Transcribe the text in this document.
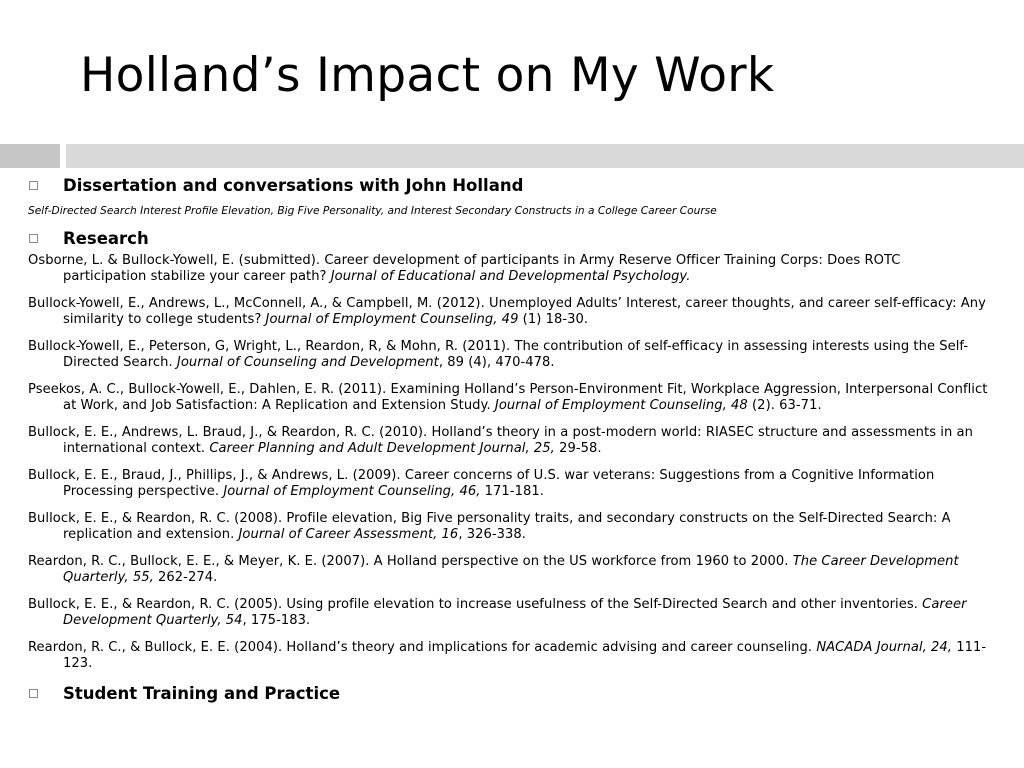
Holland’s Impact on My Work
Dissertation and conversations with John Holland
Self-Directed Search Interest Profile Elevation, Big Five Personality, and Interest Secondary Constructs in a College Career Course
Research
Osborne, L. & Bullock-Yowell, E. (submitted). Career development of participants in Army Reserve Officer Training Corps: Does ROTC participation stabilize your career path? Journal of Educational and Developmental Psychology.
Bullock-Yowell, E., Andrews, L., McConnell, A., & Campbell, M. (2012). Unemployed Adults’ Interest, career thoughts, and career self-efficacy: Any similarity to college students? Journal of Employment Counseling, 49 (1) 18-30.
Bullock-Yowell, E., Peterson, G, Wright, L., Reardon, R, & Mohn, R. (2011). The contribution of self-efficacy in assessing interests using the Self-Directed Search. Journal of Counseling and Development, 89 (4), 470-478.
Pseekos, A. C., Bullock-Yowell, E., Dahlen, E. R. (2011). Examining Holland’s Person-Environment Fit, Workplace Aggression, Interpersonal Conflict at Work, and Job Satisfaction: A Replication and Extension Study. Journal of Employment Counseling, 48 (2). 63-71.
Bullock, E. E., Andrews, L. Braud, J., & Reardon, R. C. (2010). Holland’s theory in a post-modern world: RIASEC structure and assessments in an international context. Career Planning and Adult Development Journal, 25, 29-58.
Bullock, E. E., Braud, J., Phillips, J., & Andrews, L. (2009). Career concerns of U.S. war veterans: Suggestions from a Cognitive Information Processing perspective. Journal of Employment Counseling, 46, 171-181.
Bullock, E. E., & Reardon, R. C. (2008). Profile elevation, Big Five personality traits, and secondary constructs on the Self-Directed Search: A replication and extension. Journal of Career Assessment, 16, 326-338.
Reardon, R. C., Bullock, E. E., & Meyer, K. E. (2007). A Holland perspective on the US workforce from 1960 to 2000. The Career Development Quarterly, 55, 262-274.
Bullock, E. E., & Reardon, R. C. (2005). Using profile elevation to increase usefulness of the Self-Directed Search and other inventories. Career Development Quarterly, 54, 175-183.
Reardon, R. C., & Bullock, E. E. (2004). Holland’s theory and implications for academic advising and career counseling. NACADA Journal, 24, 111-123.
Student Training and Practice
